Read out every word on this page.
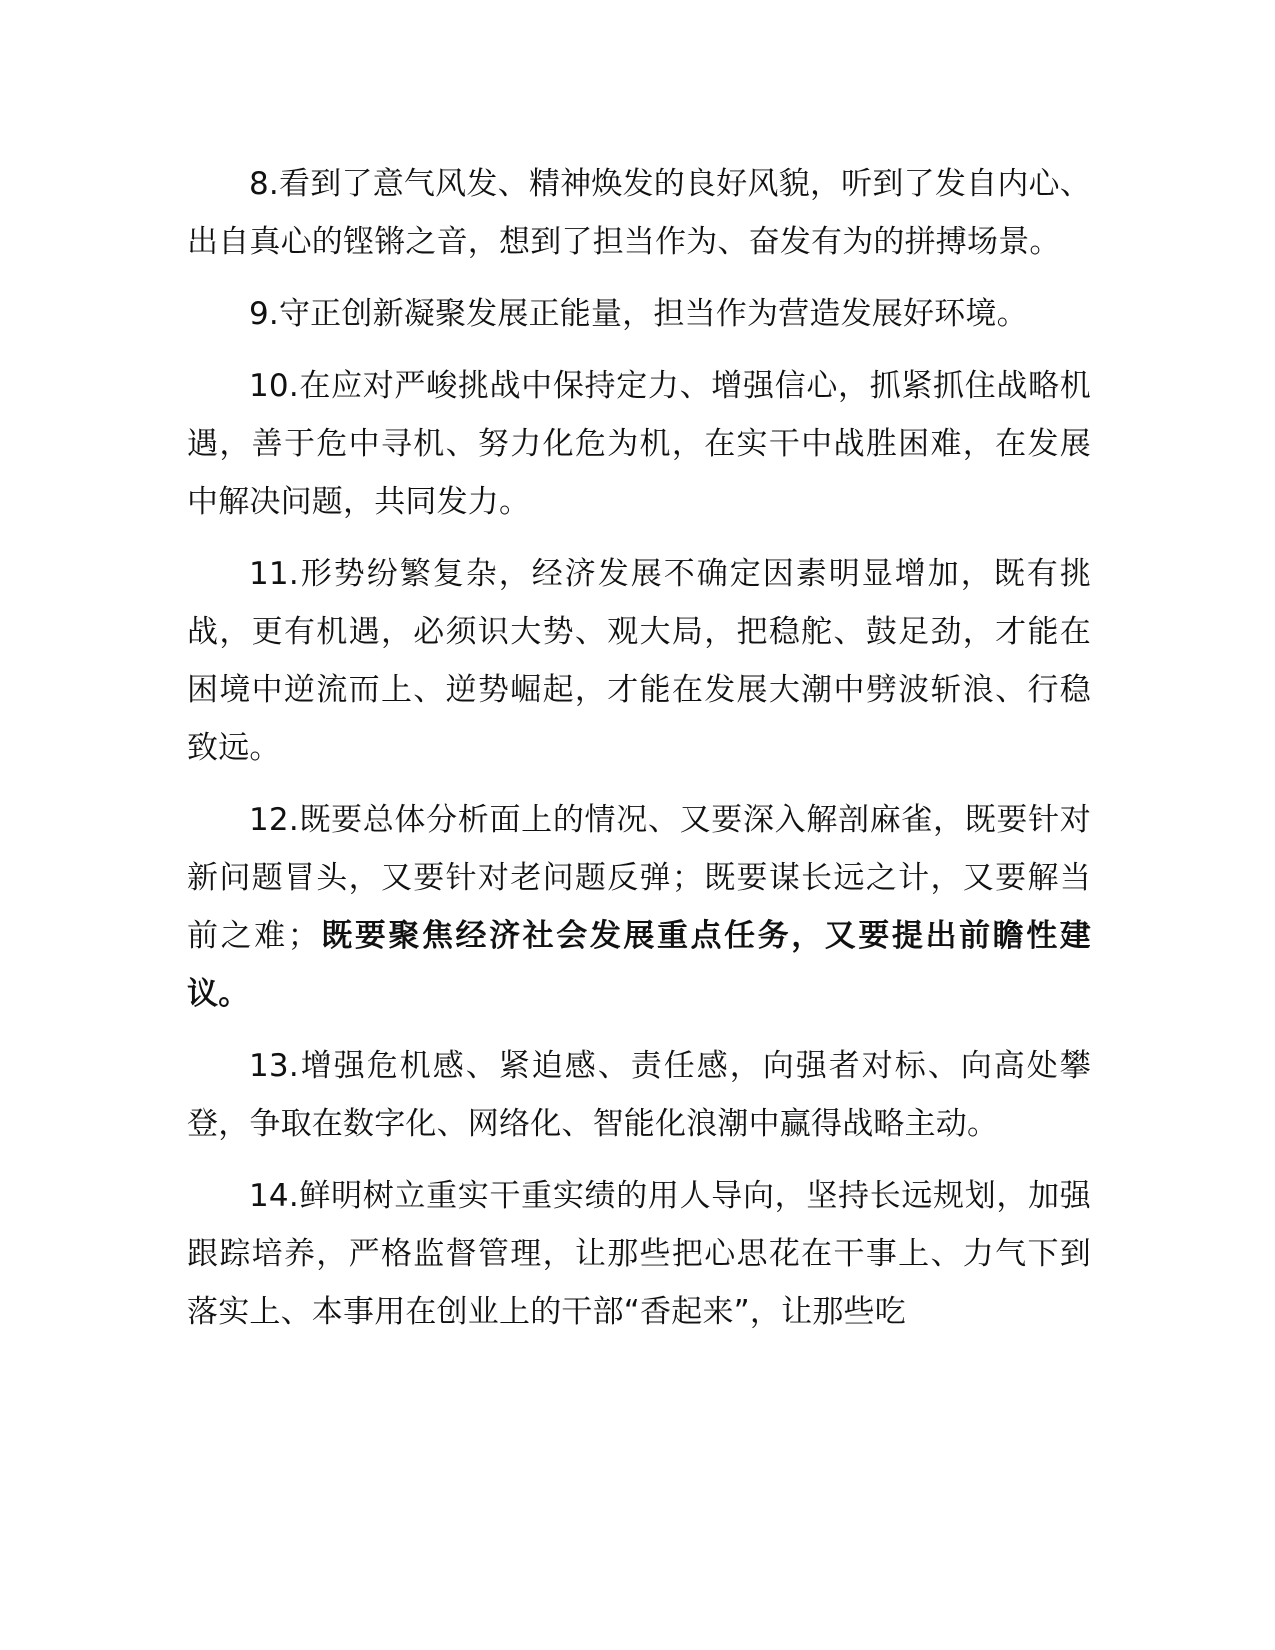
8.看到了意气风发、精神焕发的良好风貌，听到了发自内心、出自真心的铿锵之音，想到了担当作为、奋发有为的拼搏场景。

9.守正创新凝聚发展正能量，担当作为营造发展好环境。

10.在应对严峻挑战中保持定力、增强信心，抓紧抓住战略机遇，善于危中寻机、努力化危为机，在实干中战胜困难，在发展中解决问题，共同发力。

11.形势纷繁复杂，经济发展不确定因素明显增加，既有挑战，更有机遇，必须识大势、观大局，把稳舵、鼓足劲，才能在困境中逆流而上、逆势崛起，才能在发展大潮中劈波斩浪、行稳致远。

12.既要总体分析面上的情况、又要深入解剖麻雀，既要针对新问题冒头，又要针对老问题反弹；既要谋长远之计，又要解当前之难；既要聚焦经济社会发展重点任务，又要提出前瞻性建议。

13.增强危机感、紧迫感、责任感，向强者对标、向高处攀登，争取在数字化、网络化、智能化浪潮中赢得战略主动。

14.鲜明树立重实干重实绩的用人导向，坚持长远规划，加强跟踪培养，严格监督管理，让那些把心思花在干事上、力气下到落实上、本事用在创业上的干部“香起来”，让那些吃
